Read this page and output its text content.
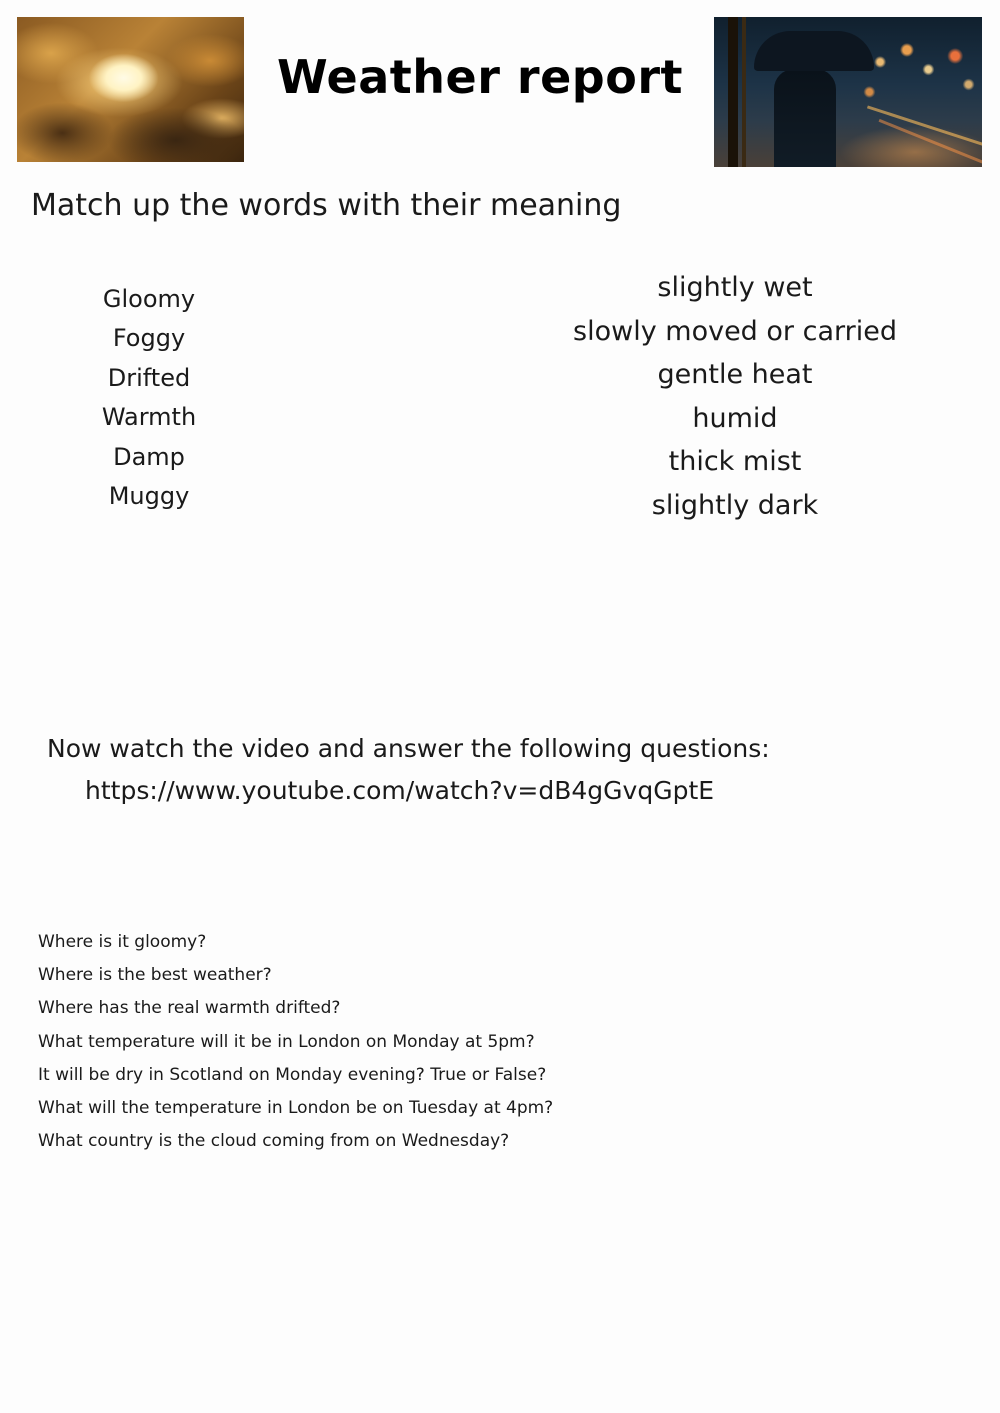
Weather report
Match up the words with their meaning
Gloomy
Foggy
Drifted
Warmth
Damp
Muggy
slightly wet
slowly moved or carried
gentle heat
humid
thick mist
slightly dark
Now watch the video and answer the following questions:
https://www.youtube.com/watch?v=dB4gGvqGptE
Where is it gloomy?
Where is the best weather?
Where has the real warmth drifted?
What temperature will it be in London on Monday at 5pm?
It will be dry in Scotland on Monday evening? True or False?
What will the temperature in London be on Tuesday at 4pm?
What country is the cloud coming from on Wednesday?
